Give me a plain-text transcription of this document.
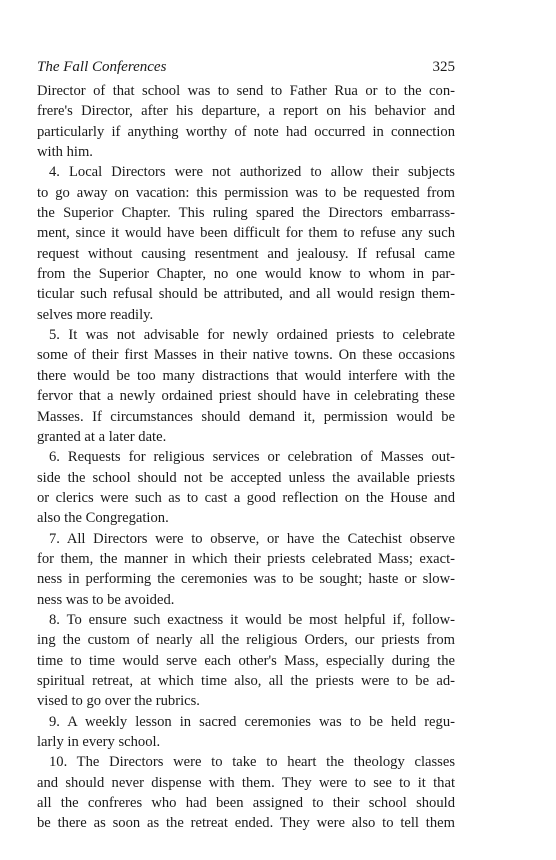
The Fall Conferences	325
Director of that school was to send to Father Rua or to the con-
frere's Director, after his departure, a report on his behavior and
particularly if anything worthy of note had occurred in connection
with him.
4. Local Directors were not authorized to allow their subjects
to go away on vacation: this permission was to be requested from
the Superior Chapter. This ruling spared the Directors embarrass-
ment, since it would have been difficult for them to refuse any such
request without causing resentment and jealousy. If refusal came
from the Superior Chapter, no one would know to whom in par-
ticular such refusal should be attributed, and all would resign them-
selves more readily.
5. It was not advisable for newly ordained priests to celebrate
some of their first Masses in their native towns. On these occasions
there would be too many distractions that would interfere with the
fervor that a newly ordained priest should have in celebrating these
Masses. If circumstances should demand it, permission would be
granted at a later date.
6. Requests for religious services or celebration of Masses out-
side the school should not be accepted unless the available priests
or clerics were such as to cast a good reflection on the House and
also the Congregation.
7. All Directors were to observe, or have the Catechist observe
for them, the manner in which their priests celebrated Mass; exact-
ness in performing the ceremonies was to be sought; haste or slow-
ness was to be avoided.
8. To ensure such exactness it would be most helpful if, follow-
ing the custom of nearly all the religious Orders, our priests from
time to time would serve each other's Mass, especially during the
spiritual retreat, at which time also, all the priests were to be ad-
vised to go over the rubrics.
9. A weekly lesson in sacred ceremonies was to be held regu-
larly in every school.
10. The Directors were to take to heart the theology classes
and should never dispense with them. They were to see to it that
all the confreres who had been assigned to their school should
be there as soon as the retreat ended. They were also to tell them
